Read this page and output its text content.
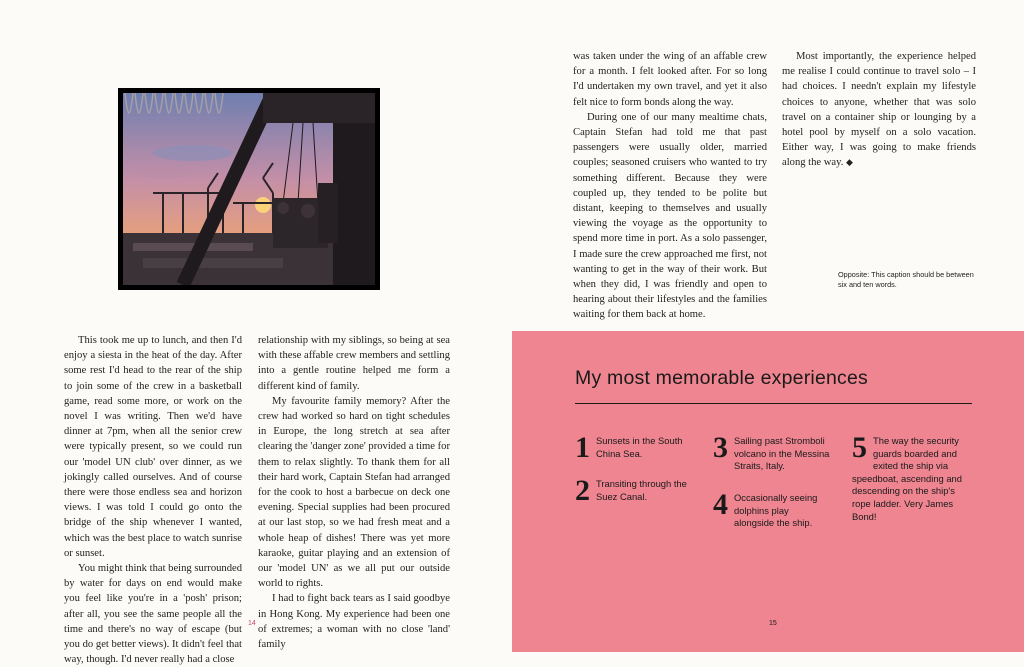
This took me up to lunch, and then I'd enjoy a siesta in the heat of the day. After some rest I'd head to the rear of the ship to join some of the crew in a basketball game, read some more, or work on the novel I was writing. Then we'd have dinner at 7pm, when all the senior crew were typically present, so we could run our 'model UN club' over dinner, as we jokingly called ourselves. And of course there were those endless sea and horizon views. I was told I could go onto the bridge of the ship whenever I wanted, which was the best place to watch sunrise or sunset.

You might think that being surrounded by water for days on end would make you feel like you're in a 'posh' prison; after all, you see the same people all the time and there's no way of escape (but you do get better views). It didn't feel that way, though. I'd never really had a close

relationship with my siblings, so being at sea with these affable crew members and settling into a gentle routine helped me form a different kind of family.

My favourite family memory? After the crew had worked so hard on tight schedules in Europe, the long stretch at sea after clearing the 'danger zone' provided a time for them to relax slightly. To thank them for all their hard work, Captain Stefan had arranged for the cook to host a barbecue on deck one evening. Special supplies had been procured at our last stop, so we had fresh meat and a whole heap of dishes! There was yet more karaoke, guitar playing and an extension of our 'model UN' as we all put our outside world to rights.

I had to fight back tears as I said goodbye in Hong Kong. My experience had been one of extremes; a woman with no close 'land' family

14

was taken under the wing of an affable crew for a month. I felt looked after. For so long I'd undertaken my own travel, and yet it also felt nice to form bonds along the way.

During one of our many mealtime chats, Captain Stefan had told me that past passengers were usually older, married couples; seasoned cruisers who wanted to try something different. Because they were coupled up, they tended to be polite but distant, keeping to themselves and usually viewing the voyage as the opportunity to spend more time in port. As a solo passenger, I made sure the crew approached me first, not wanting to get in the way of their work. But when they did, I was friendly and open to hearing about their lifestyles and the families waiting for them back at home.

Most importantly, the experience helped me realise I could continue to travel solo – I had choices. I needn't explain my lifestyle choices to anyone, whether that was solo travel on a container ship or lounging by a hotel pool by myself on a solo vacation. Either way, I was going to make friends along the way. ◆

Opposite: This caption should be between six and ten words.
My most memorable experiences
1 Sunsets in the South China Sea.
2 Transiting through the Suez Canal.
3 Sailing past Stromboli volcano in the Messina Straits, Italy.
4 Occasionally seeing dolphins play alongside the ship.
5 The way the security guards boarded and exited the ship via speedboat, ascending and descending on the ship's rope ladder. Very James Bond!
15
